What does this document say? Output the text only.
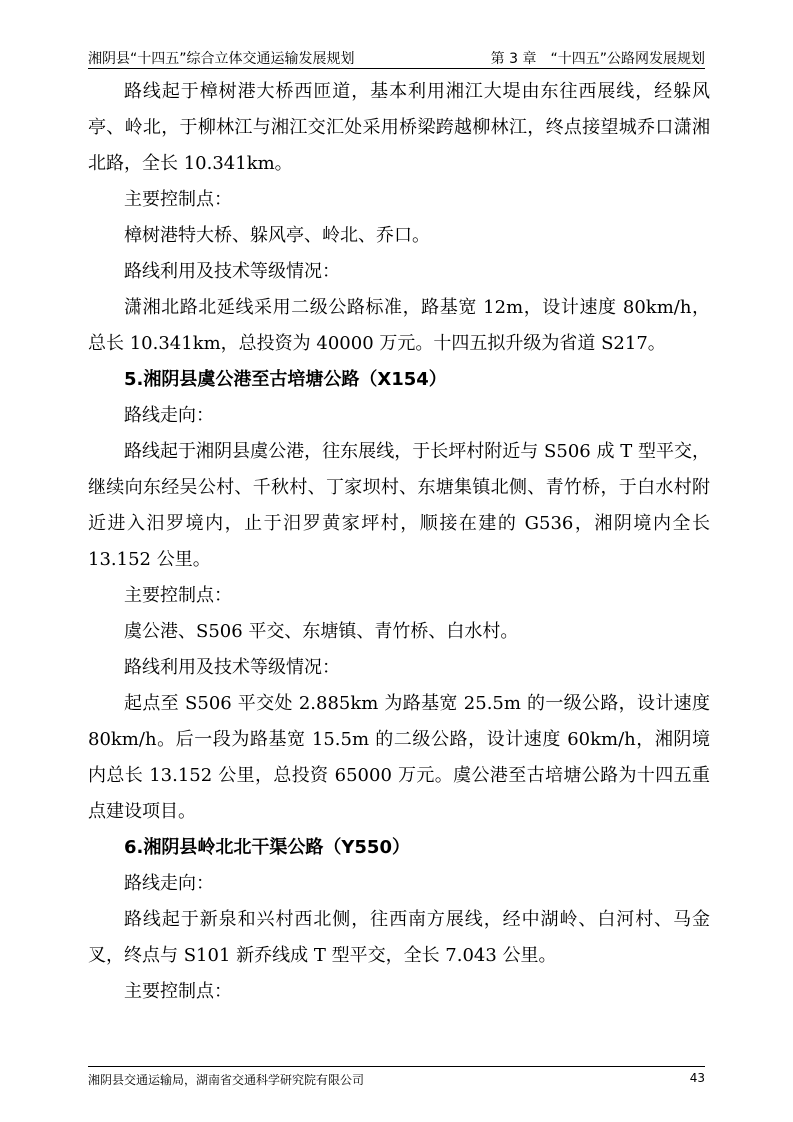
湘阴县“十四五”综合立体交通运输发展规划	第 3 章　“十四五”公路网发展规划

路线起于樟树港大桥西匝道，基本利用湘江大堤由东往西展线，经躲风亭、岭北，于柳林江与湘江交汇处采用桥梁跨越柳林江，终点接望城乔口潇湘北路，全长 10.341km。

主要控制点：

樟树港特大桥、躲风亭、岭北、乔口。

路线利用及技术等级情况：

潇湘北路北延线采用二级公路标准，路基宽 12m，设计速度 80km/h，总长 10.341km，总投资为 40000 万元。十四五拟升级为省道 S217。

5.湘阴县虞公港至古培塘公路（X154）

路线走向：

路线起于湘阴县虞公港，往东展线，于长坪村附近与 S506 成 T 型平交，继续向东经吴公村、千秋村、丁家坝村、东塘集镇北侧、青竹桥，于白水村附近进入汨罗境内，止于汨罗黄家坪村，顺接在建的 G536，湘阴境内全长 13.152 公里。

主要控制点：

虞公港、S506 平交、东塘镇、青竹桥、白水村。

路线利用及技术等级情况：

起点至 S506 平交处 2.885km 为路基宽 25.5m 的一级公路，设计速度 80km/h。后一段为路基宽 15.5m 的二级公路，设计速度 60km/h，湘阴境内总长 13.152 公里，总投资 65000 万元。虞公港至古培塘公路为十四五重点建设项目。

6.湘阴县岭北北干渠公路（Y550）

路线走向：

路线起于新泉和兴村西北侧，往西南方展线，经中湖岭、白河村、马金叉，终点与 S101 新乔线成 T 型平交，全长 7.043 公里。

主要控制点：

湘阴县交通运输局，湖南省交通科学研究院有限公司	43
